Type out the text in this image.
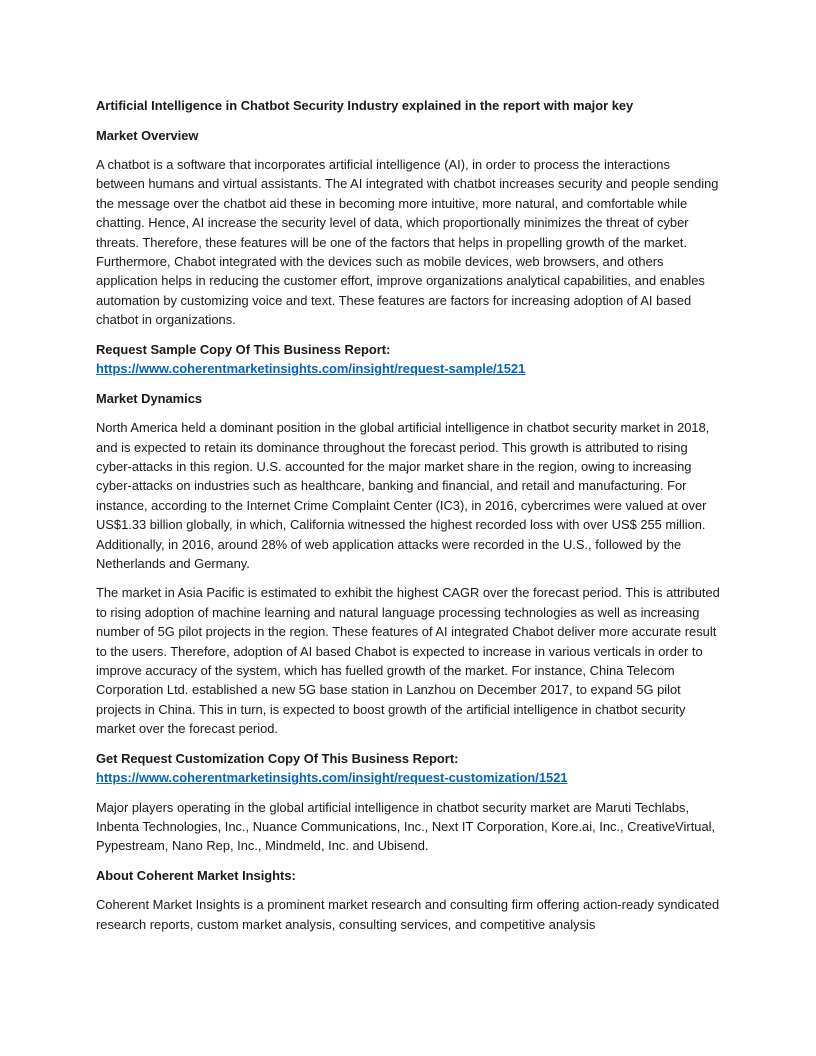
Artificial Intelligence in Chatbot Security Industry explained in the report with major key

Market Overview

A chatbot is a software that incorporates artificial intelligence (AI), in order to process the interactions between humans and virtual assistants. The AI integrated with chatbot increases security and people sending the message over the chatbot aid these in becoming more intuitive, more natural, and comfortable while chatting. Hence, AI increase the security level of data, which proportionally minimizes the threat of cyber threats. Therefore, these features will be one of the factors that helps in propelling growth of the market. Furthermore, Chabot integrated with the devices such as mobile devices, web browsers, and others application helps in reducing the customer effort, improve organizations analytical capabilities, and enables automation by customizing voice and text. These features are factors for increasing adoption of AI based chatbot in organizations.

Request Sample Copy Of This Business Report:

https://www.coherentmarketinsights.com/insight/request-sample/1521

Market Dynamics

North America held a dominant position in the global artificial intelligence in chatbot security market in 2018, and is expected to retain its dominance throughout the forecast period. This growth is attributed to rising cyber-attacks in this region. U.S. accounted for the major market share in the region, owing to increasing cyber-attacks on industries such as healthcare, banking and financial, and retail and manufacturing. For instance, according to the Internet Crime Complaint Center (IC3), in 2016, cybercrimes were valued at over US$1.33 billion globally, in which, California witnessed the highest recorded loss with over US$ 255 million. Additionally, in 2016, around 28% of web application attacks were recorded in the U.S., followed by the Netherlands and Germany.

The market in Asia Pacific is estimated to exhibit the highest CAGR over the forecast period. This is attributed to rising adoption of machine learning and natural language processing technologies as well as increasing number of 5G pilot projects in the region. These features of AI integrated Chabot deliver more accurate result to the users. Therefore, adoption of AI based Chabot is expected to increase in various verticals in order to improve accuracy of the system, which has fuelled growth of the market. For instance, China Telecom Corporation Ltd. established a new 5G base station in Lanzhou on December 2017, to expand 5G pilot projects in China. This in turn, is expected to boost growth of the artificial intelligence in chatbot security market over the forecast period.

Get Request Customization Copy Of This Business Report:

https://www.coherentmarketinsights.com/insight/request-customization/1521

Major players operating in the global artificial intelligence in chatbot security market are Maruti Techlabs, Inbenta Technologies, Inc., Nuance Communications, Inc., Next IT Corporation, Kore.ai, Inc., CreativeVirtual, Pypestream, Nano Rep, Inc., Mindmeld, Inc. and Ubisend.

About Coherent Market Insights:

Coherent Market Insights is a prominent market research and consulting firm offering action-ready syndicated research reports, custom market analysis, consulting services, and competitive analysis
